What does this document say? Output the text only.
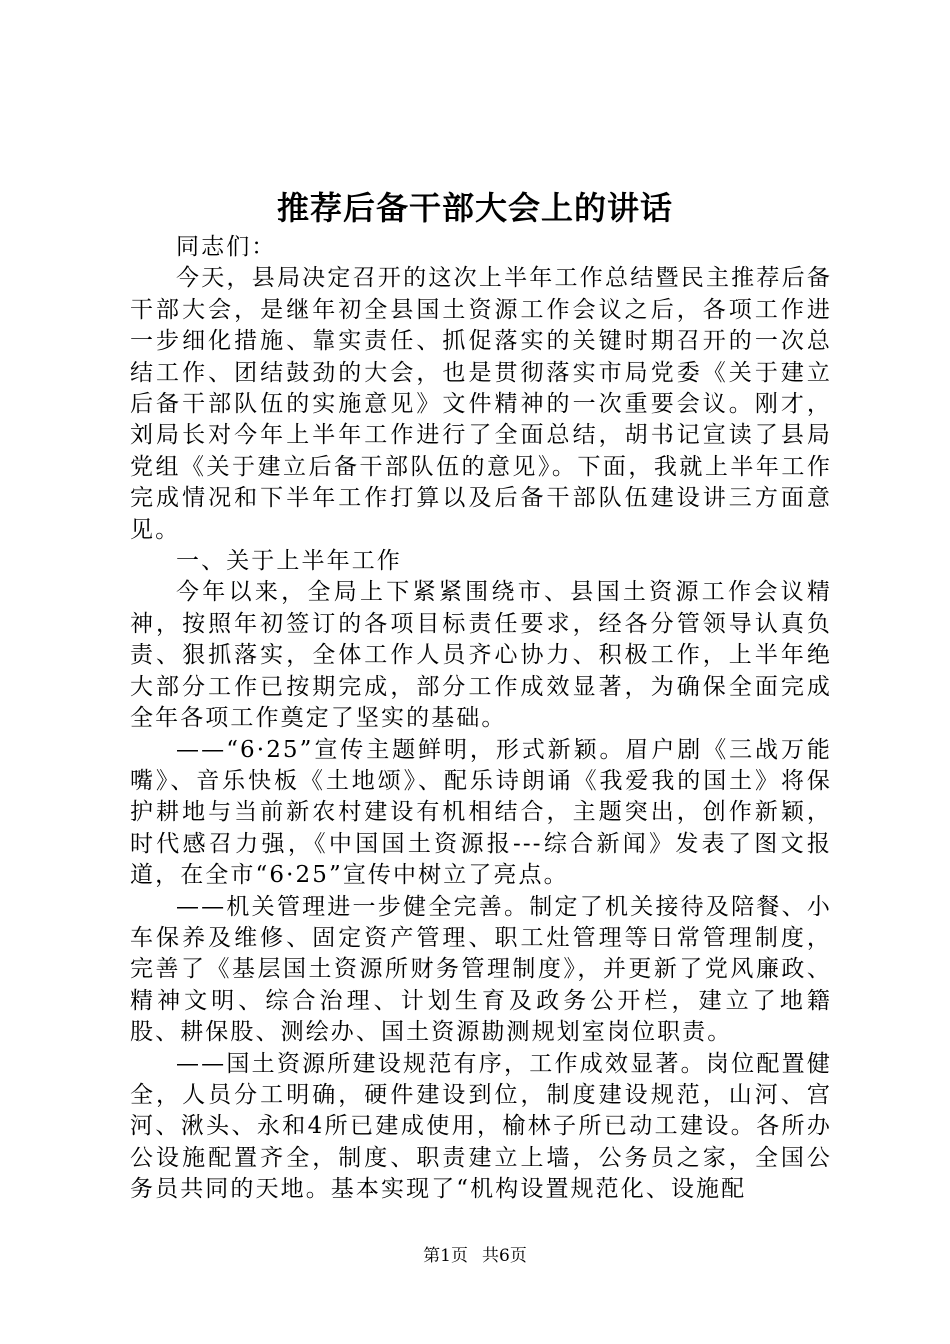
推荐后备干部大会上的讲话

同志们：

今天，县局决定召开的这次上半年工作总结暨民主推荐后备干部大会，是继年初全县国土资源工作会议之后，各项工作进一步细化措施、靠实责任、抓促落实的关键时期召开的一次总结工作、团结鼓劲的大会，也是贯彻落实市局党委《关于建立后备干部队伍的实施意见》文件精神的一次重要会议。刚才，刘局长对今年上半年工作进行了全面总结，胡书记宣读了县局党组《关于建立后备干部队伍的意见》。下面，我就上半年工作完成情况和下半年工作打算以及后备干部队伍建设讲三方面意见。

一、关于上半年工作

今年以来，全局上下紧紧围绕市、县国土资源工作会议精神，按照年初签订的各项目标责任要求，经各分管领导认真负责、狠抓落实，全体工作人员齐心协力、积极工作，上半年绝大部分工作已按期完成，部分工作成效显著，为确保全面完成全年各项工作奠定了坚实的基础。

——“6·25”宣传主题鲜明，形式新颖。眉户剧《三战万能嘴》、音乐快板《土地颂》、配乐诗朗诵《我爱我的国土》将保护耕地与当前新农村建设有机相结合，主题突出，创作新颖，时代感召力强，《中国国土资源报---综合新闻》发表了图文报道，在全市“6·25”宣传中树立了亮点。

——机关管理进一步健全完善。制定了机关接待及陪餐、小车保养及维修、固定资产管理、职工灶管理等日常管理制度，完善了《基层国土资源所财务管理制度》，并更新了党风廉政、精神文明、综合治理、计划生育及政务公开栏，建立了地籍股、耕保股、测绘办、国土资源勘测规划室岗位职责。

——国土资源所建设规范有序，工作成效显著。岗位配置健全，人员分工明确，硬件建设到位，制度建设规范，山河、宫河、湫头、永和4所已建成使用，榆林子所已动工建设。各所办公设施配置齐全，制度、职责建立上墙，公务员之家，全国公务员共同的天地。基本实现了“机构设置规范化、设施配

第1页 共6页
